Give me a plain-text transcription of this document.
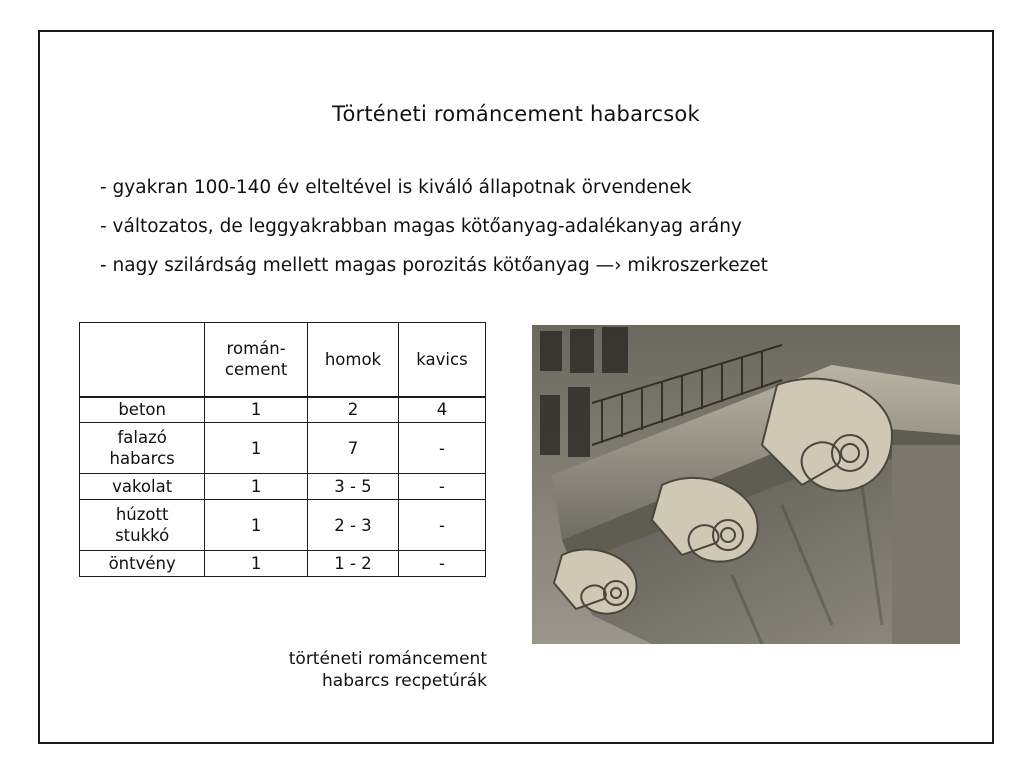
Történeti románcement habarcsok
- gyakran 100-140 év elteltével is kiváló állapotnak örvendenek
- változatos, de leggyakrabban magas kötőanyag-adalékanyag arány
- nagy szilárdság mellett magas porozitás kötőanyag —› mikroszerkezet

	román-
cement	homok	kavics
beton	1	2	4

falazó
habarcs	1	7	-
vakolat	1	3 - 5	-

húzott
stukkó	1	2 - 3	-
öntvény	1	1 - 2	-
történeti románcement
habarcs recpetúrák
